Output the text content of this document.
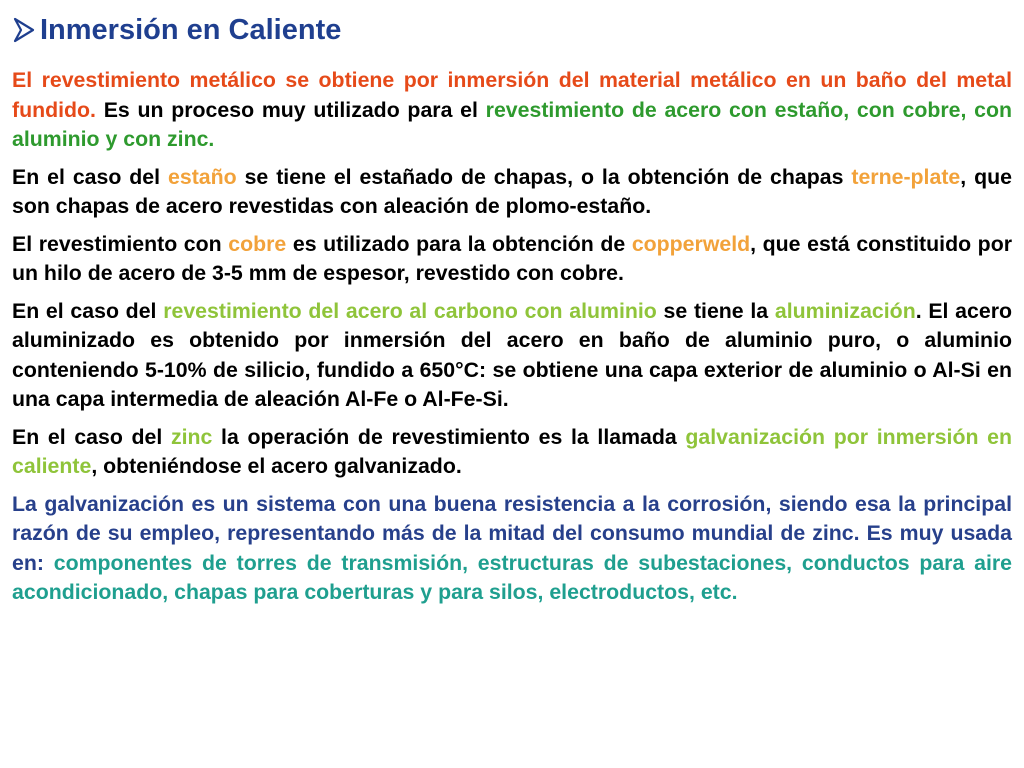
Inmersión en Caliente

El revestimiento metálico se obtiene por inmersión del material metálico en un baño del metal fundido. Es un proceso muy utilizado para el revestimiento de acero con estaño, con cobre, con aluminio y con zinc.

En el caso del estaño se tiene el estañado de chapas, o la obtención de chapas terne-plate, que son chapas de acero revestidas con aleación de plomo-estaño.

El revestimiento con cobre es utilizado para la obtención de copperweld, que está constituido por un hilo de acero de 3-5 mm de espesor, revestido con cobre.

En el caso del revestimiento del acero al carbono con aluminio se tiene la aluminización. El acero aluminizado es obtenido por inmersión del acero en baño de aluminio puro, o aluminio conteniendo 5-10% de silicio, fundido a 650°C: se obtiene una capa exterior de aluminio o Al-Si en una capa intermedia de aleación Al-Fe o Al-Fe-Si.

En el caso del zinc la operación de revestimiento es la llamada galvanización por inmersión en caliente, obteniéndose el acero galvanizado.

La galvanización es un sistema con una buena resistencia a la corrosión, siendo esa la principal razón de su empleo, representando más de la mitad del consumo mundial de zinc. Es muy usada en: componentes de torres de transmisión, estructuras de subestaciones, conductos para aire acondicionado, chapas para coberturas y para silos, electroductos, etc.
